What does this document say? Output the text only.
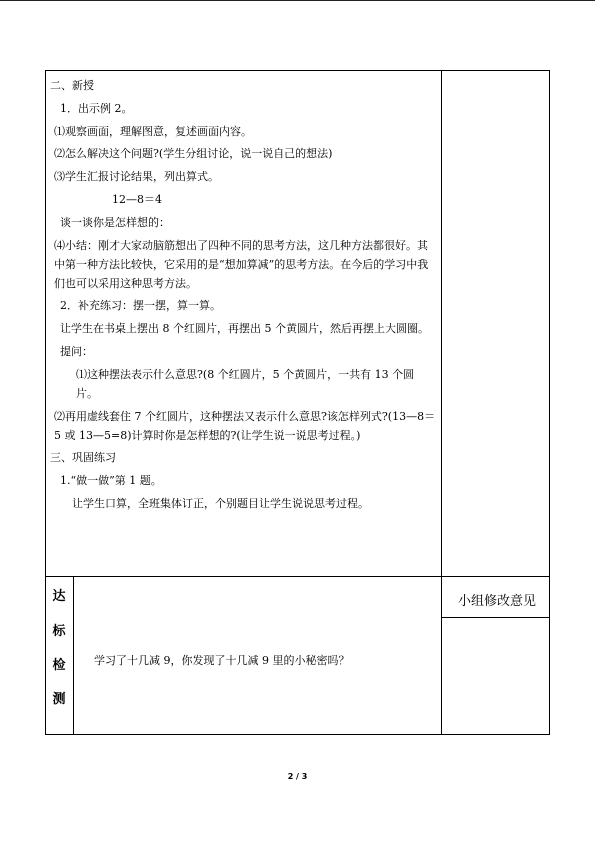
二、新授

1．出示例 2。

⑴观察画面，理解图意，复述画面内容。

⑵怎么解决这个问题?(学生分组讨论，说一说自己的想法)

⑶学生汇报讨论结果，列出算式。

12—8＝4

谈一谈你是怎样想的：

⑷小结：刚才大家动脑筋想出了四种不同的思考方法，这几种方法都很好。其中第一种方法比较快，它采用的是“想加算减”的思考方法。在今后的学习中我们也可以采用这种思考方法。

2．补充练习：摆一摆，算一算。

让学生在书桌上摆出 8 个红圆片，再摆出 5 个黄圆片，然后再摆上大圆圈。

提问：

⑴这种摆法表示什么意思?(8 个红圆片，5 个黄圆片，一共有 13 个圆片。

⑵再用虚线套住 7 个红圆片，这种摆法又表示什么意思?该怎样列式?(13—8＝5 或 13—5=8)计算时你是怎样想的?(让学生说一说思考过程。)

三、巩固练习

1.“做一做”第 1 题。

让学生口算，全班集体订正，个别题目让学生说说思考过程。

达
标
检
测
学习了十几减 9，你发现了十几减 9 里的小秘密吗？
小组修改意见
2 / 3
